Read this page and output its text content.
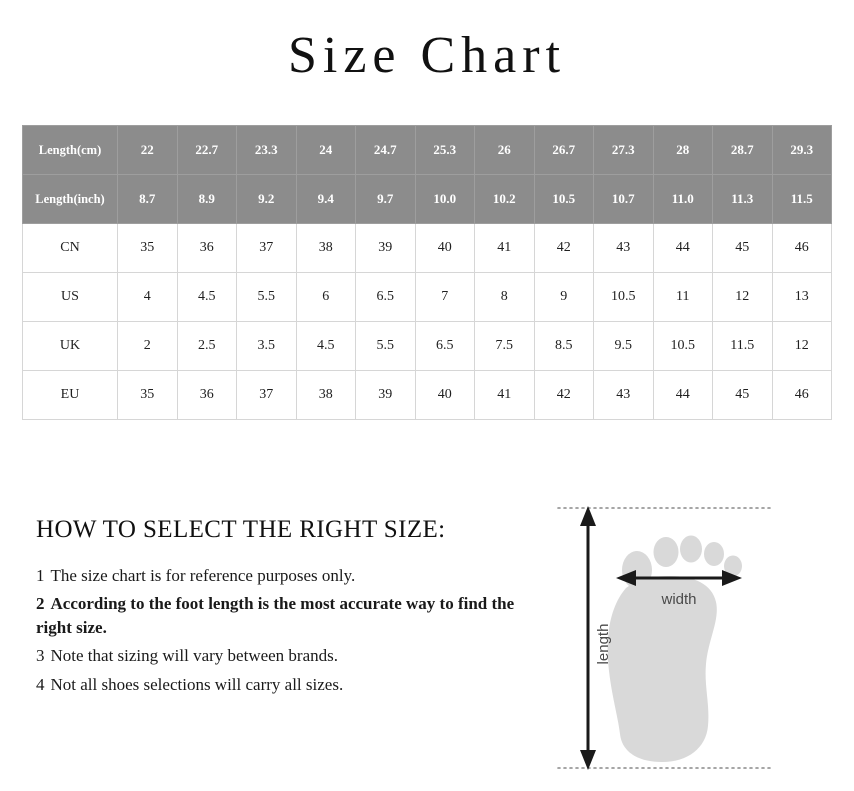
Size Chart
Length(cm)	22	22.7	23.3	24	24.7	25.3	26	26.7	27.3	28	28.7	29.3
Length(inch)	8.7	8.9	9.2	9.4	9.7	10.0	10.2	10.5	10.7	11.0	11.3	11.5
CN	35	36	37	38	39	40	41	42	43	44	45	46
US	4	4.5	5.5	6	6.5	7	8	9	10.5	11	12	13
UK	2	2.5	3.5	4.5	5.5	6.5	7.5	8.5	9.5	10.5	11.5	12
EU	35	36	37	38	39	40	41	42	43	44	45	46
HOW TO SELECT THE RIGHT SIZE:
1 The size chart is for reference purposes only.
2 According to the foot length is the most accurate way to find the right size.
3 Note that sizing will vary between brands.
4 Not all shoes selections will carry all sizes.
width
length
